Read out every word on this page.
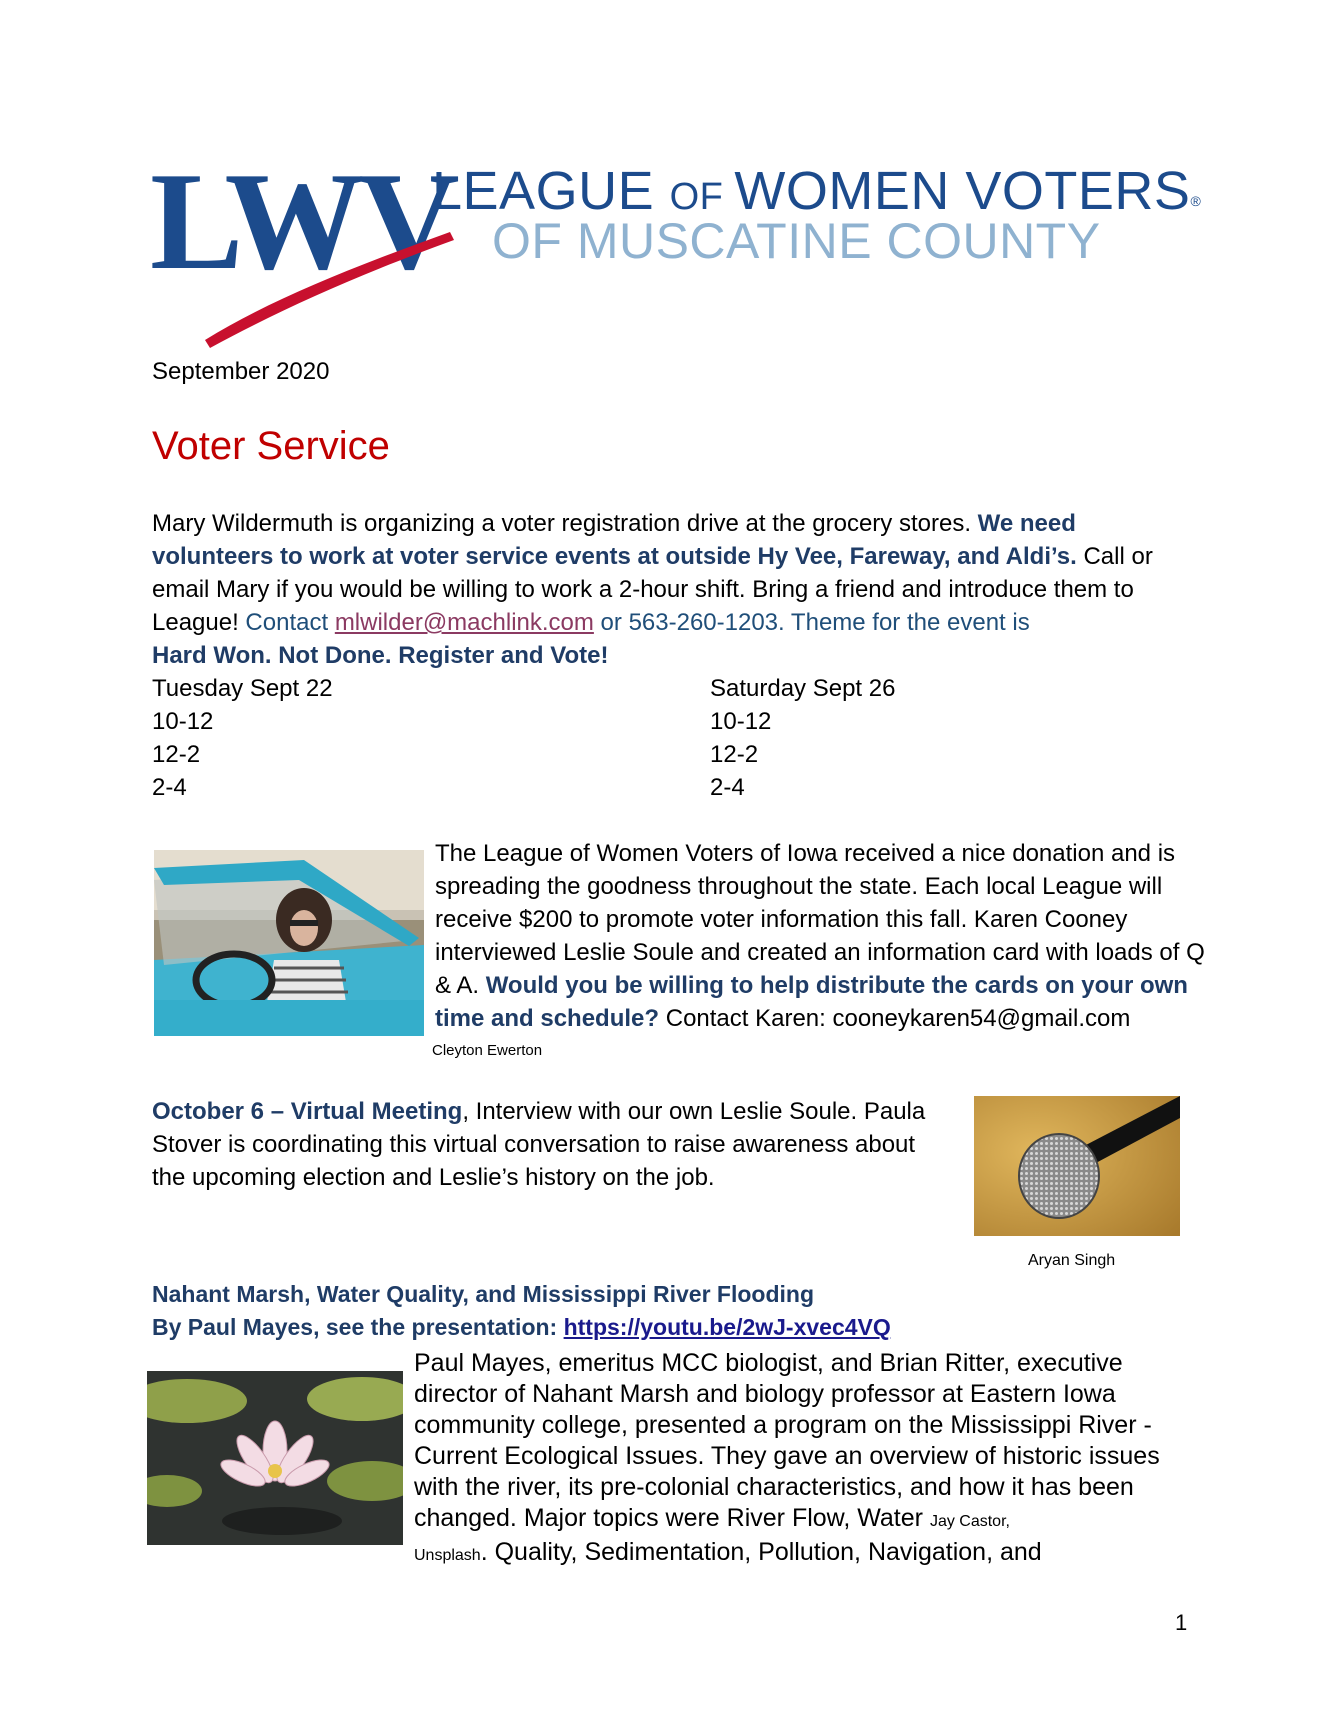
LWV
LEAGUE OF WOMEN VOTERS®
OF MUSCATINE COUNTY
September 2020
Voter Service
Mary Wildermuth is organizing a voter registration drive at the grocery stores. We need volunteers to work at voter service events at outside Hy Vee, Fareway, and Aldi’s. Call or email Mary if you would be willing to work a 2-hour shift. Bring a friend and introduce them to League! Contact mlwilder@machlink.com or 563-260-1203. Theme for the event is
Hard Won. Not Done. Register and Vote!
Tuesday Sept 22
10-12
12-2
2-4
Saturday Sept 26
10-12
12-2
2-4
Cleyton Ewerton
The League of Women Voters of Iowa received a nice donation and is spreading the goodness throughout the state. Each local League will receive $200 to promote voter information this fall. Karen Cooney interviewed Leslie Soule and created an information card with loads of Q & A. Would you be willing to help distribute the cards on your own time and schedule? Contact Karen: cooneykaren54@gmail.com
October 6 – Virtual Meeting, Interview with our own Leslie Soule. Paula Stover is coordinating this virtual conversation to raise awareness about the upcoming election and Leslie’s history on the job.
Aryan Singh
Nahant Marsh, Water Quality, and Mississippi River Flooding
By Paul Mayes, see the presentation: https://youtu.be/2wJ-xvec4VQ
Paul Mayes, emeritus MCC biologist, and Brian Ritter, executive director of Nahant Marsh and biology professor at Eastern Iowa community college, presented a program on the Mississippi River - Current Ecological Issues. They gave an overview of historic issues with the river, its pre-colonial characteristics, and how it has been changed. Major topics were River Flow, Water Jay Castor,
Unsplash. Quality, Sedimentation, Pollution, Navigation, and
1
